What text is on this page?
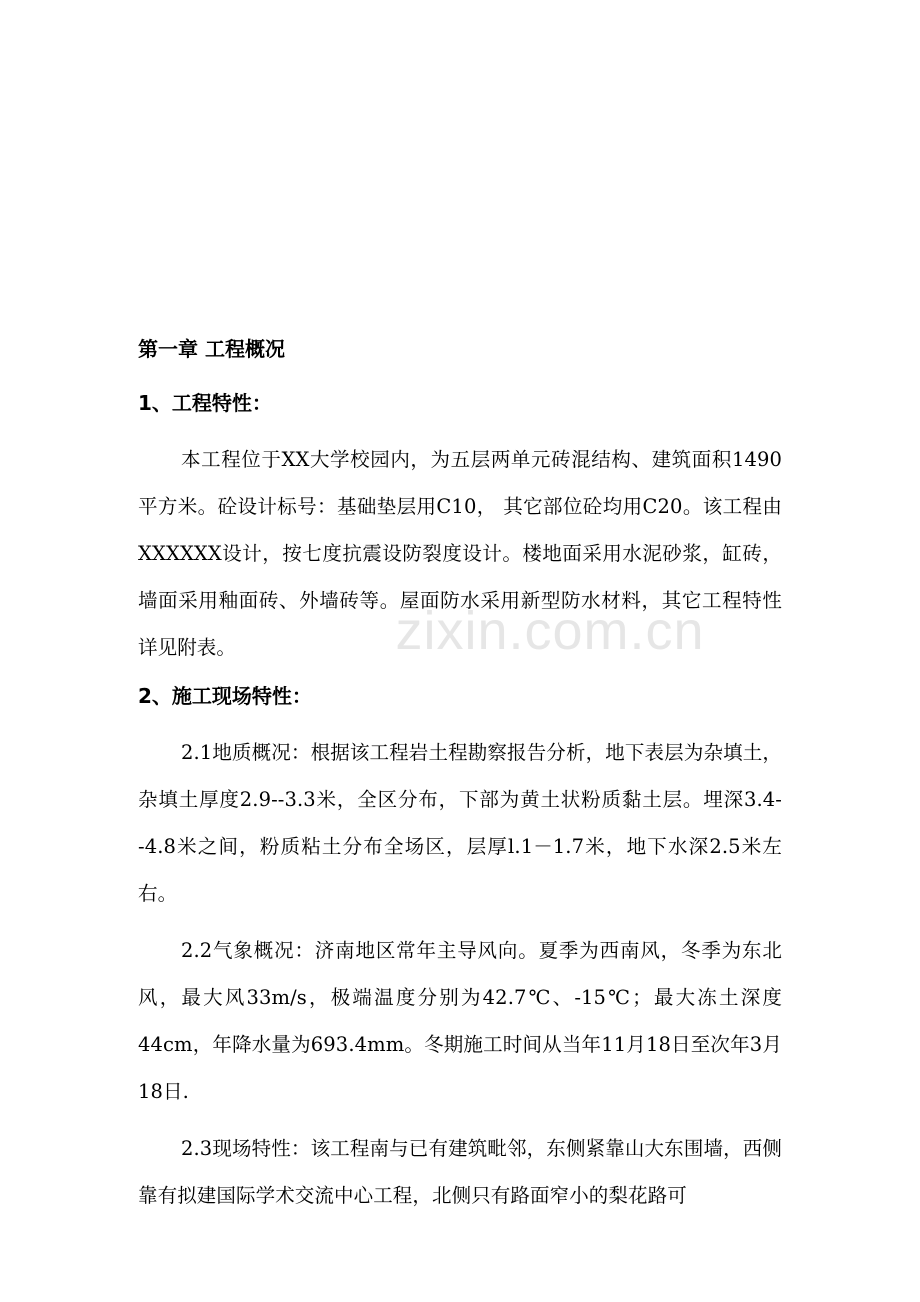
zixin.com.cn
第一章 工程概况
1、工程特性：

本工程位于XX大学校园内，为五层两单元砖混结构、建筑面积1490平方米。砼设计标号：基础垫层用C10， 其它部位砼均用C20。该工程由XXXXXX设计，按七度抗震设防裂度设计。楼地面采用水泥砂浆，缸砖，墙面采用釉面砖、外墙砖等。屋面防水采用新型防水材料，其它工程特性详见附表。

2、施工现场特性：

2.1地质概况：根据该工程岩土程勘察报告分析，地下表层为杂填土，杂填土厚度2.9--3.3米，全区分布，下部为黄土状粉质黏土层。埋深3.4--4.8米之间，粉质粘土分布全场区，层厚l.1－1.7米，地下水深2.5米左右。

2.2气象概况：济南地区常年主导风向。夏季为西南风，冬季为东北风，最大风33m/s，极端温度分别为42.7℃、-15℃；最大冻土深度44cm，年降水量为693.4mm。冬期施工时间从当年11月18日至次年3月18日.

2.3现场特性：该工程南与已有建筑毗邻，东侧紧靠山大东围墙，西侧靠有拟建国际学术交流中心工程，北侧只有路面窄小的梨花路可
